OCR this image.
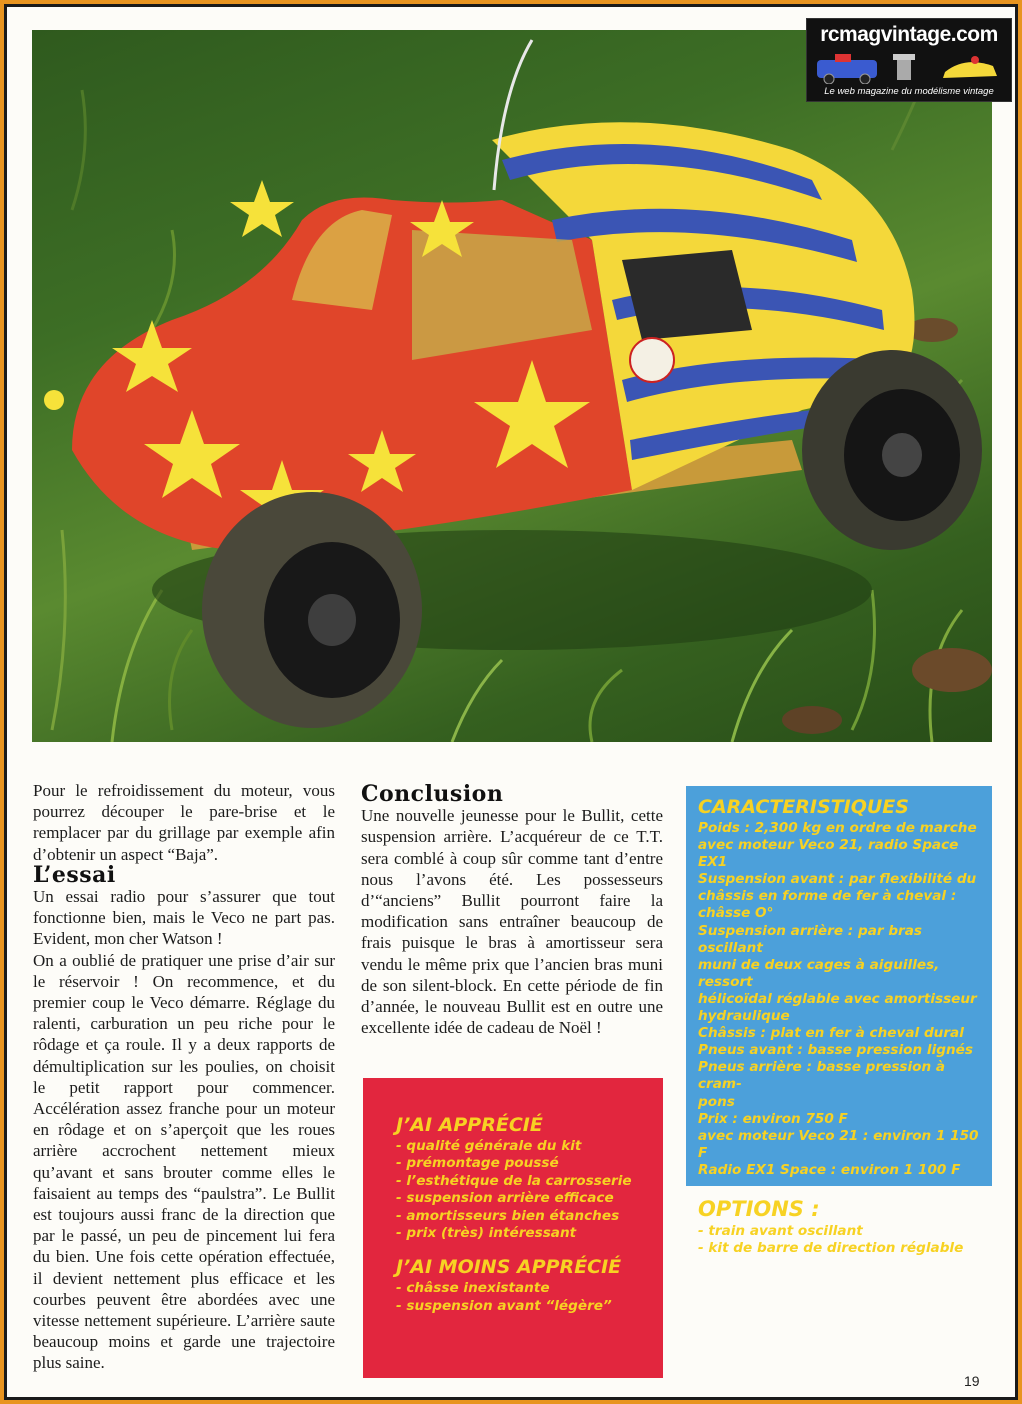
rcmagvintage.com
Le web magazine du modélisme vintage

Pour le refroidissement du moteur, vous pourrez découper le pare-brise et le remplacer par du grillage par exemple afin d’obtenir un aspect “Baja”.

L’essai

Un essai radio pour s’assurer que tout fonctionne bien, mais le Veco ne part pas. Evident, mon cher Watson !

On a oublié de pratiquer une prise d’air sur le réservoir ! On recommence, et du premier coup le Veco démarre. Réglage du ralenti, carburation un peu riche pour le rôdage et ça roule. Il y a deux rapports de démultiplication sur les poulies, on choisit le petit rapport pour commencer. Accélération assez franche pour un moteur en rôdage et on s’aperçoit que les roues arrière accrochent nettement mieux qu’avant et sans brouter comme elles le faisaient au temps des “paulstra”. Le Bullit est toujours aussi franc de la direction que par le passé, un peu de pincement lui fera du bien. Une fois cette opération effectuée, il devient nettement plus efficace et les courbes peuvent être abordées avec une vitesse nettement supérieure. L’arrière saute beaucoup moins et garde une trajectoire plus saine.

Conclusion

Une nouvelle jeunesse pour le Bullit, cette suspension arrière. L’acquéreur de ce T.T. sera comblé à coup sûr comme tant d’entre nous l’avons été. Les possesseurs d’“anciens” Bullit pourront faire la modification sans entraîner beaucoup de frais puisque le bras à amortisseur sera vendu le même prix que l’ancien bras muni de son silent-block. En cette période de fin d’année, le nouveau Bullit est en outre une excellente idée de cadeau de Noël !

J’AI APPRÉCIÉ
- qualité générale du kit
- prémontage poussé
- l’esthétique de la carrosserie
- suspension arrière efficace
- amortisseurs bien étanches
- prix (très) intéressant
J’AI MOINS APPRÉCIÉ
- châsse inexistante
- suspension avant “légère”
CARACTERISTIQUES
Poids : 2,300 kg en ordre de marche
avec moteur Veco 21, radio Space EX1
Suspension avant : par flexibilité du
châssis en forme de fer à cheval :
châsse O°
Suspension arrière : par bras oscillant
muni de deux cages à aiguilles, ressort
hélicoïdal réglable avec amortisseur
hydraulique
Châssis : plat en fer à cheval dural
Pneus avant : basse pression lignés
Pneus arrière : basse pression à cram-
pons
Prix : environ 750 F
avec moteur Veco 21 : environ 1 150 F
Radio EX1 Space : environ 1 100 F
OPTIONS :
- train avant oscillant
- kit de barre de direction réglable
19
